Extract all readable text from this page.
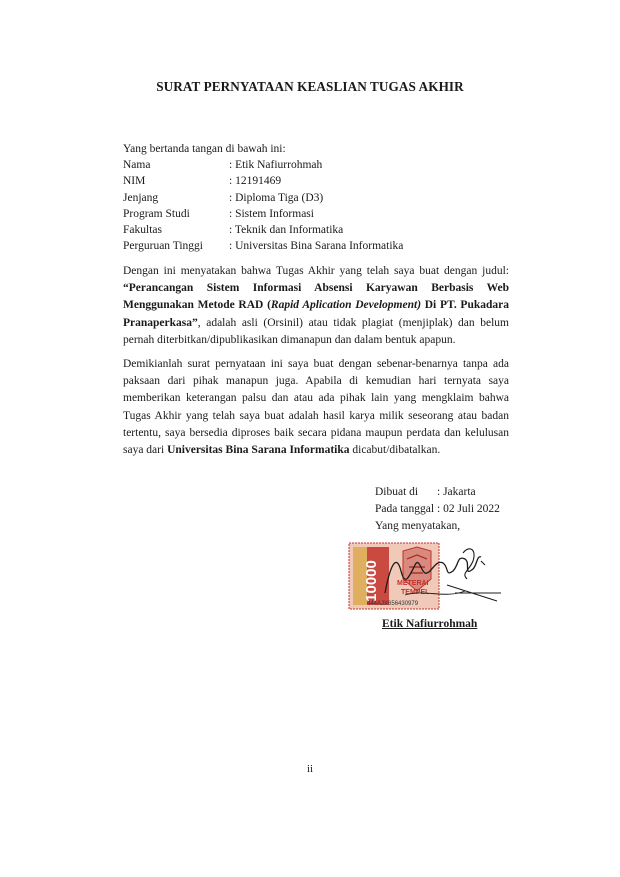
SURAT PERNYATAAN KEASLIAN TUGAS AKHIR
Yang bertanda tangan di bawah ini:
Nama	: Etik Nafiurrohmah
NIM	: 12191469
Jenjang	: Diploma Tiga (D3)
Program Studi	: Sistem Informasi
Fakultas	: Teknik dan Informatika
Perguruan Tinggi	: Universitas Bina Sarana Informatika
Dengan ini menyatakan bahwa Tugas Akhir yang telah saya buat dengan judul: “Perancangan Sistem Informasi Absensi Karyawan Berbasis Web Menggunakan Metode RAD (Rapid Aplication Development) Di PT. Pukadara Pranaperkasa”, adalah asli (Orsinil) atau tidak plagiat (menjiplak) dan belum pernah diterbitkan/dipublikasikan dimanapun dan dalam bentuk apapun.
Demikianlah surat pernyataan ini saya buat dengan sebenar-benarnya tanpa ada paksaan dari pihak manapun juga. Apabila di kemudian hari ternyata saya memberikan keterangan palsu dan atau ada pihak lain yang mengklaim bahwa Tugas Akhir yang telah saya buat adalah hasil karya milik seseorang atau badan tertentu, saya bersedia diproses baik secara pidana maupun perdata dan kelulusan saya dari Universitas Bina Sarana Informatika dicabut/dibatalkan.
Dibuat di	: Jakarta
Pada tanggal : 02 Juli 2022
Yang menyatakan,
10000 METERAI
TEMPEL
444AJX656430979
Etik Nafiurrohmah
ii
